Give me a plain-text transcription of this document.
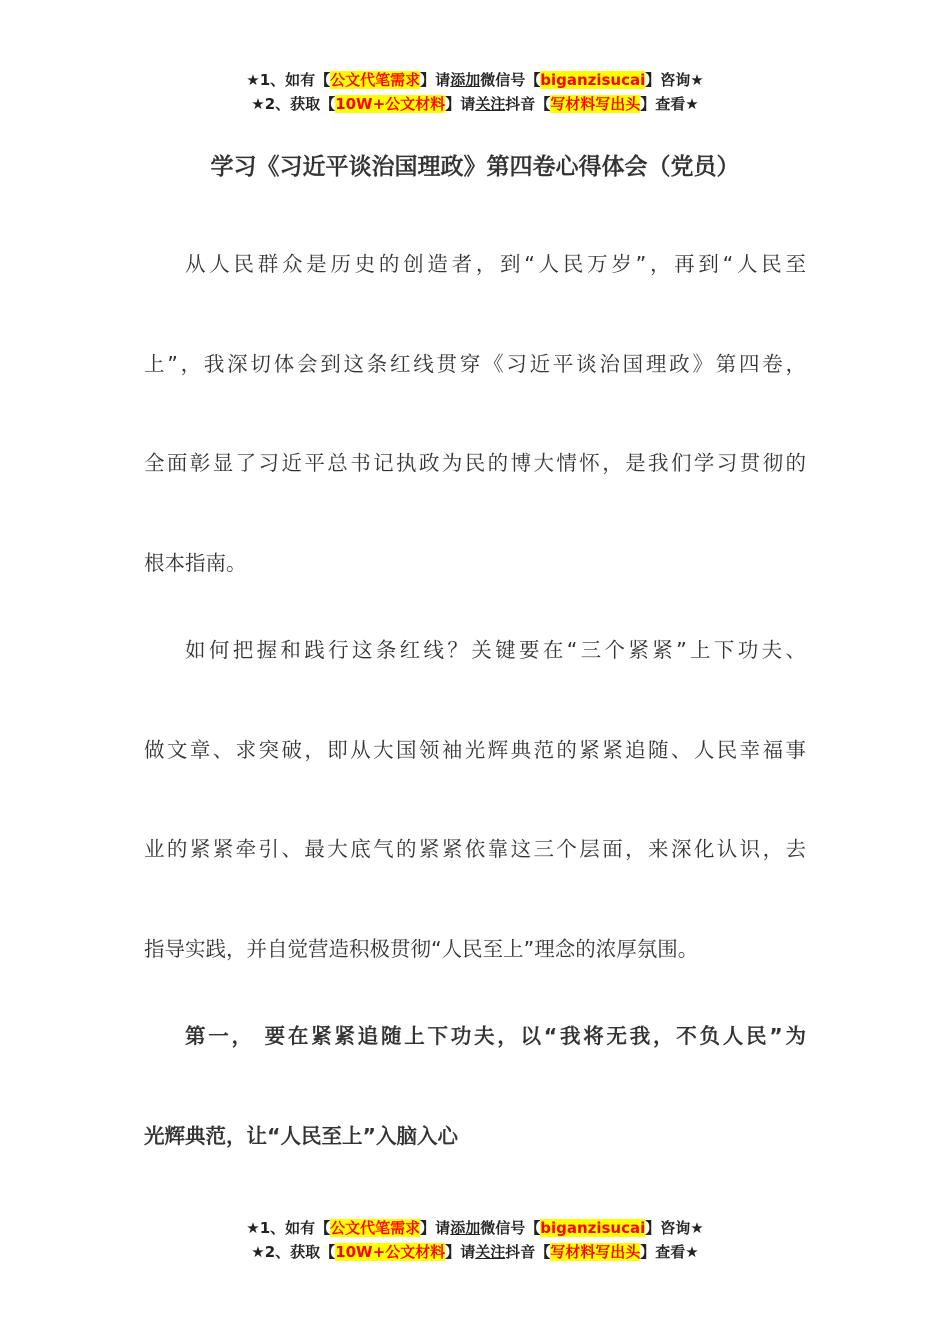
★1、如有【公文代笔需求】请添加微信号【biganzisucai】咨询★
★2、获取【10W+公文材料】请关注抖音【写材料写出头】查看★
学习《习近平谈治国理政》第四卷心得体会（党员）
从人民群众是历史的创造者，到“人民万岁”，再到“人民至
上”，我深切体会到这条红线贯穿《习近平谈治国理政》第四卷，
全面彰显了习近平总书记执政为民的博大情怀，是我们学习贯彻的
根本指南。
如何把握和践行这条红线？关键要在“三个紧紧”上下功夫、
做文章、求突破，即从大国领袖光辉典范的紧紧追随、人民幸福事
业的紧紧牵引、最大底气的紧紧依靠这三个层面，来深化认识，去
指导实践，并自觉营造积极贯彻“人民至上”理念的浓厚氛围。
第一， 要在紧紧追随上下功夫，以“我将无我，不负人民”为
光辉典范，让“人民至上”入脑入心
★1、如有【公文代笔需求】请添加微信号【biganzisucai】咨询★
★2、获取【10W+公文材料】请关注抖音【写材料写出头】查看★
